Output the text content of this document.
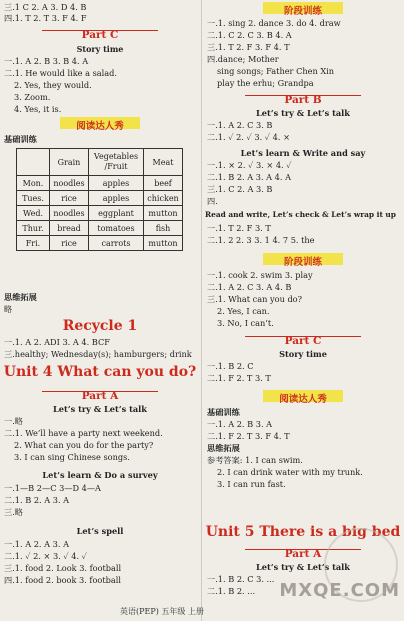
三.1 C 2. A 3. D 4. B
四.1. T 2. T 3. F 4. F
Part C
Story time
一.1. A 2. B 3. B 4. A
二.1. He would like a salad.
2. Yes, they would.
3. Zoom.
4. Yes, it is.
阅读达人秀
基础训练
	Grain	Vegetables /Fruit	Meat
Mon.	noodles	apples	beef
Tues.	rice	apples	chicken
Wed.	noodles	eggplant	mutton
Thur.	bread	tomatoes	fish
Fri.	rice	carrots	mutton
思维拓展
略
Recycle 1
一.1. A 2. ADI 3. A 4. BCF
三.healthy; Wednesday(s); hamburgers; drink
Unit 4 What can you do?
Part A
Let’s try & Let’s talk
一.略
二.1. We’ll have a party next weekend.
2. What can you do for the party?
3. I can sing Chinese songs.
Let’s learn & Do a survey
一.1—B 2—C 3—D 4—A
二.1. B 2. A 3. A
三.略
Let’s spell
一.1. A 2. A 3. A
二.1. ✓ 2. × 3. ✓ 4. ✓
三.1. food 2. Look 3. football
四.1. food 2. book 3. football
阶段训练
一.1. sing 2. dance 3. do 4. draw
二.1. C 2. C 3. B 4. A
三.1. T 2. F 3. F 4. T
四.dance; Mother
sing songs; Father Chen Xin
play the erhu; Grandpa
Part B
Let’s try & Let’s talk
一.1. A 2. C 3. B
二.1. ✓ 2. ✓ 3. ✓ 4. ×
Let’s learn & Write and say
一.1. × 2. ✓ 3. × 4. ✓
二.1. B 2. A 3. A 4. A
三.1. C 2. A 3. B
四.
Read and write, Let’s check & Let’s wrap it up
一.1. T 2. F 3. T
二.1. 2 2. 3 3. 1 4. 7 5. the
阶段训练
一.1. cook 2. swim 3. play
二.1. A 2. C 3. A 4. B
三.1. What can you do?
2. Yes, I can.
3. No, I can’t.
Part C
Story time
一.1. B 2. C
二.1. F 2. T 3. T
阅读达人秀
基础训练
一.1. A 2. B 3. A
二.1. F 2. T 3. F 4. T
思维拓展
参考答案: 1. I can swim.
2. I can drink water with my trunk.
3. I can run fast.
Unit 5 There is a big bed
Part A
Let’s try & Let’s talk
一.1. B 2. C 3. ...
二.1. B 2. ... MXQE.COM
英语(PEP) 五年级 上册
